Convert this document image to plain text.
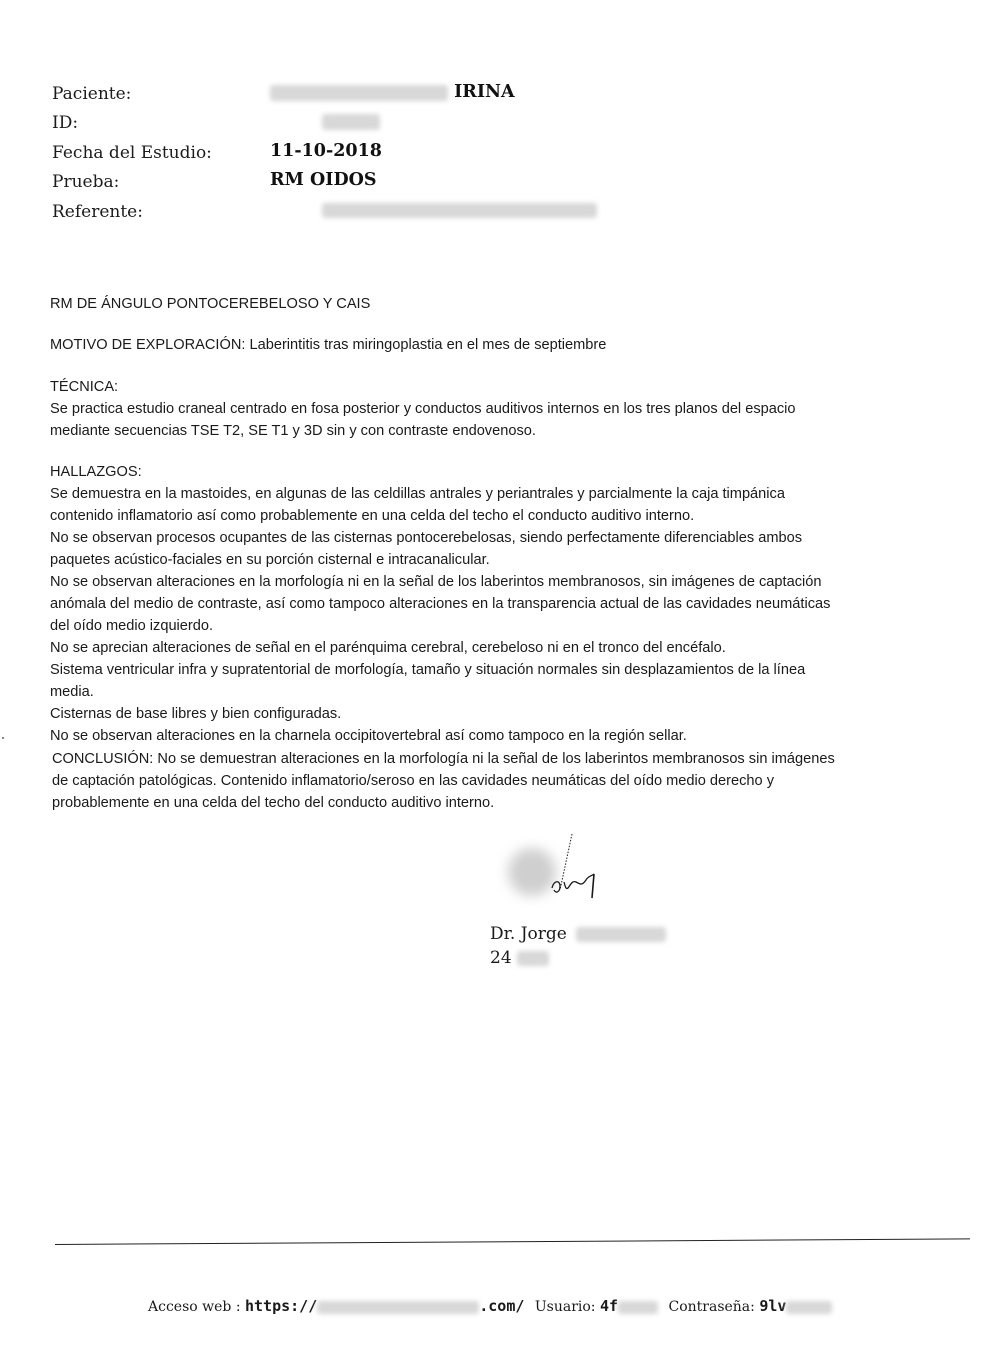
Paciente:	IRINA
ID:
Fecha del Estudio:	11-10-2018
Prueba:	RM OIDOS
Referente:
RM DE ÁNGULO PONTOCEREBELOSO Y CAIS
MOTIVO DE EXPLORACIÓN: Laberintitis tras miringoplastia en el mes de septiembre

TÉCNICA:

Se practica estudio craneal centrado en fosa posterior y conductos auditivos internos en los tres planos del espacio

mediante secuencias TSE T2, SE T1 y 3D sin y con contraste endovenoso.

HALLAZGOS:

Se demuestra en la mastoides, en algunas de las celdillas antrales y periantrales y parcialmente la caja timpánica

contenido inflamatorio así como probablemente en una celda del techo el conducto auditivo interno.

No se observan procesos ocupantes de las cisternas pontocerebelosas, siendo perfectamente diferenciables ambos

paquetes acústico-faciales en su porción cisternal e intracanalicular.

No se observan alteraciones en la morfología ni en la señal de los laberintos membranosos, sin imágenes de captación

anómala del medio de contraste, así como tampoco alteraciones en la transparencia actual de las cavidades neumáticas

del oído medio izquierdo.

No se aprecian alteraciones de señal en el parénquima cerebral, cerebeloso ni en el tronco del encéfalo.

Sistema ventricular infra y supratentorial de morfología, tamaño y situación normales sin desplazamientos de la línea

media.

Cisternas de base libres y bien configuradas.

No se observan alteraciones en la charnela occipitovertebral así como tampoco en la región sellar.

CONCLUSIÓN: No se demuestran alteraciones en la morfología ni la señal de los laberintos membranosos sin imágenes

de captación patológicas. Contenido inflamatorio/seroso en las cavidades neumáticas del oído medio derecho y

probablemente en una celda del techo del conducto auditivo interno.

Dr. Jorge
24
Acceso web : https://	.com/ Usuario: 4f	Contraseña: 9lv
